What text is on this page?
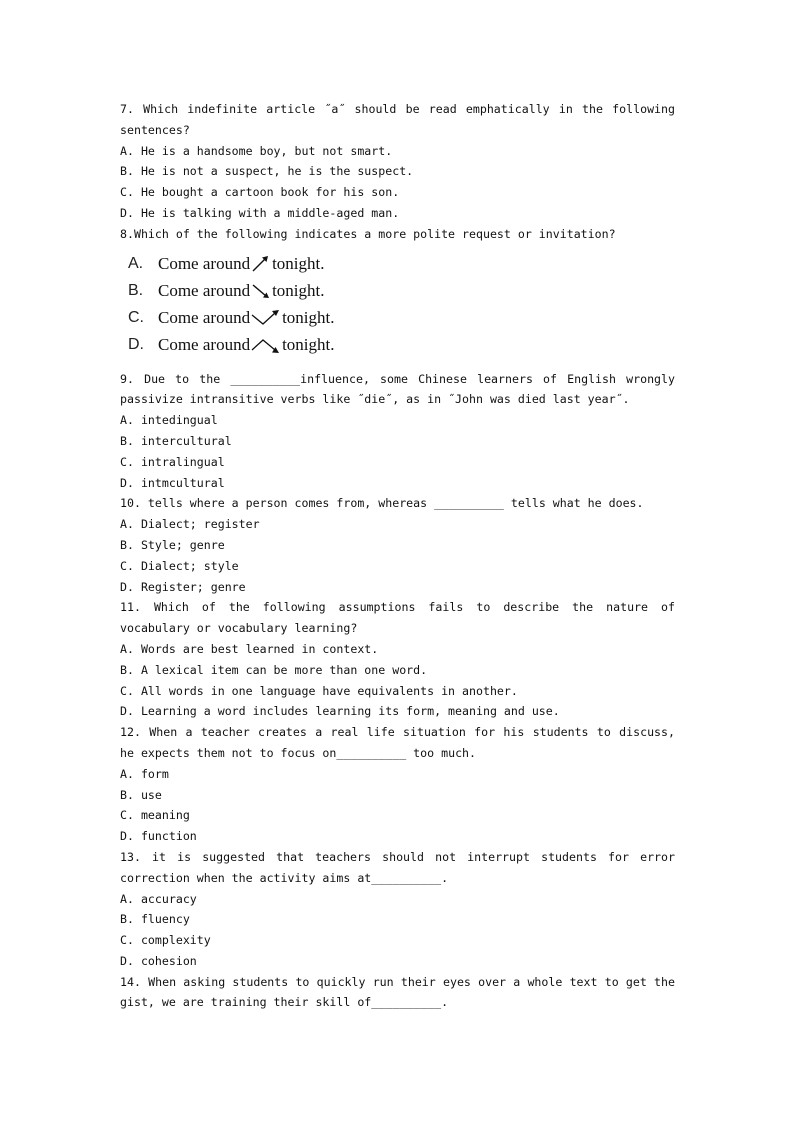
7. Which indefinite article ˝а˝ should be read emphatically in the following
sentences?
A. He is a handsome boy, but not smart.
B. He is not a suspect, he is the suspect.
C. He bought a cartoon book for his son.
D. He is talking with a middle-aged man.
8.Which of the following indicates a more polite request or invitation?
A. Come around tonight.
B. Come around tonight.
C. Come around tonight.
D. Come around tonight.
9. Due to the __________influence, some Chinese learners of English wrongly
passivize intransitive verbs like ˝die˝, as in ˝John was died last year˝.
A. intedingual
B. intercultural
C. intralingual
D. intmcultural
10. tells where a person comes from, whereas __________ tells what he does.
A. Dialect; register
B. Style; genre
C. Dialect; style
D. Register; genre
11. Which of the following assumptions fails to describe the nature of
vocabulary or vocabulary learning?
A. Words are best learned in context.
B. A lexical item can be more than one word.
C. All words in one language have equivalents in another.
D. Learning a word includes learning its form, meaning and use.
12. When a teacher creates a real life situation for his students to discuss,
he expects them not to focus on__________ too much.
A. form
B. use
C. meaning
D. function
13. it is suggested that teachers should not interrupt students for error
correction when the activity aims at__________.
A. accuracy
B. fluency
C. complexity
D. cohesion
14. When asking students to quickly run their eyes over a whole text to get the
gist, we are training their skill of__________.
